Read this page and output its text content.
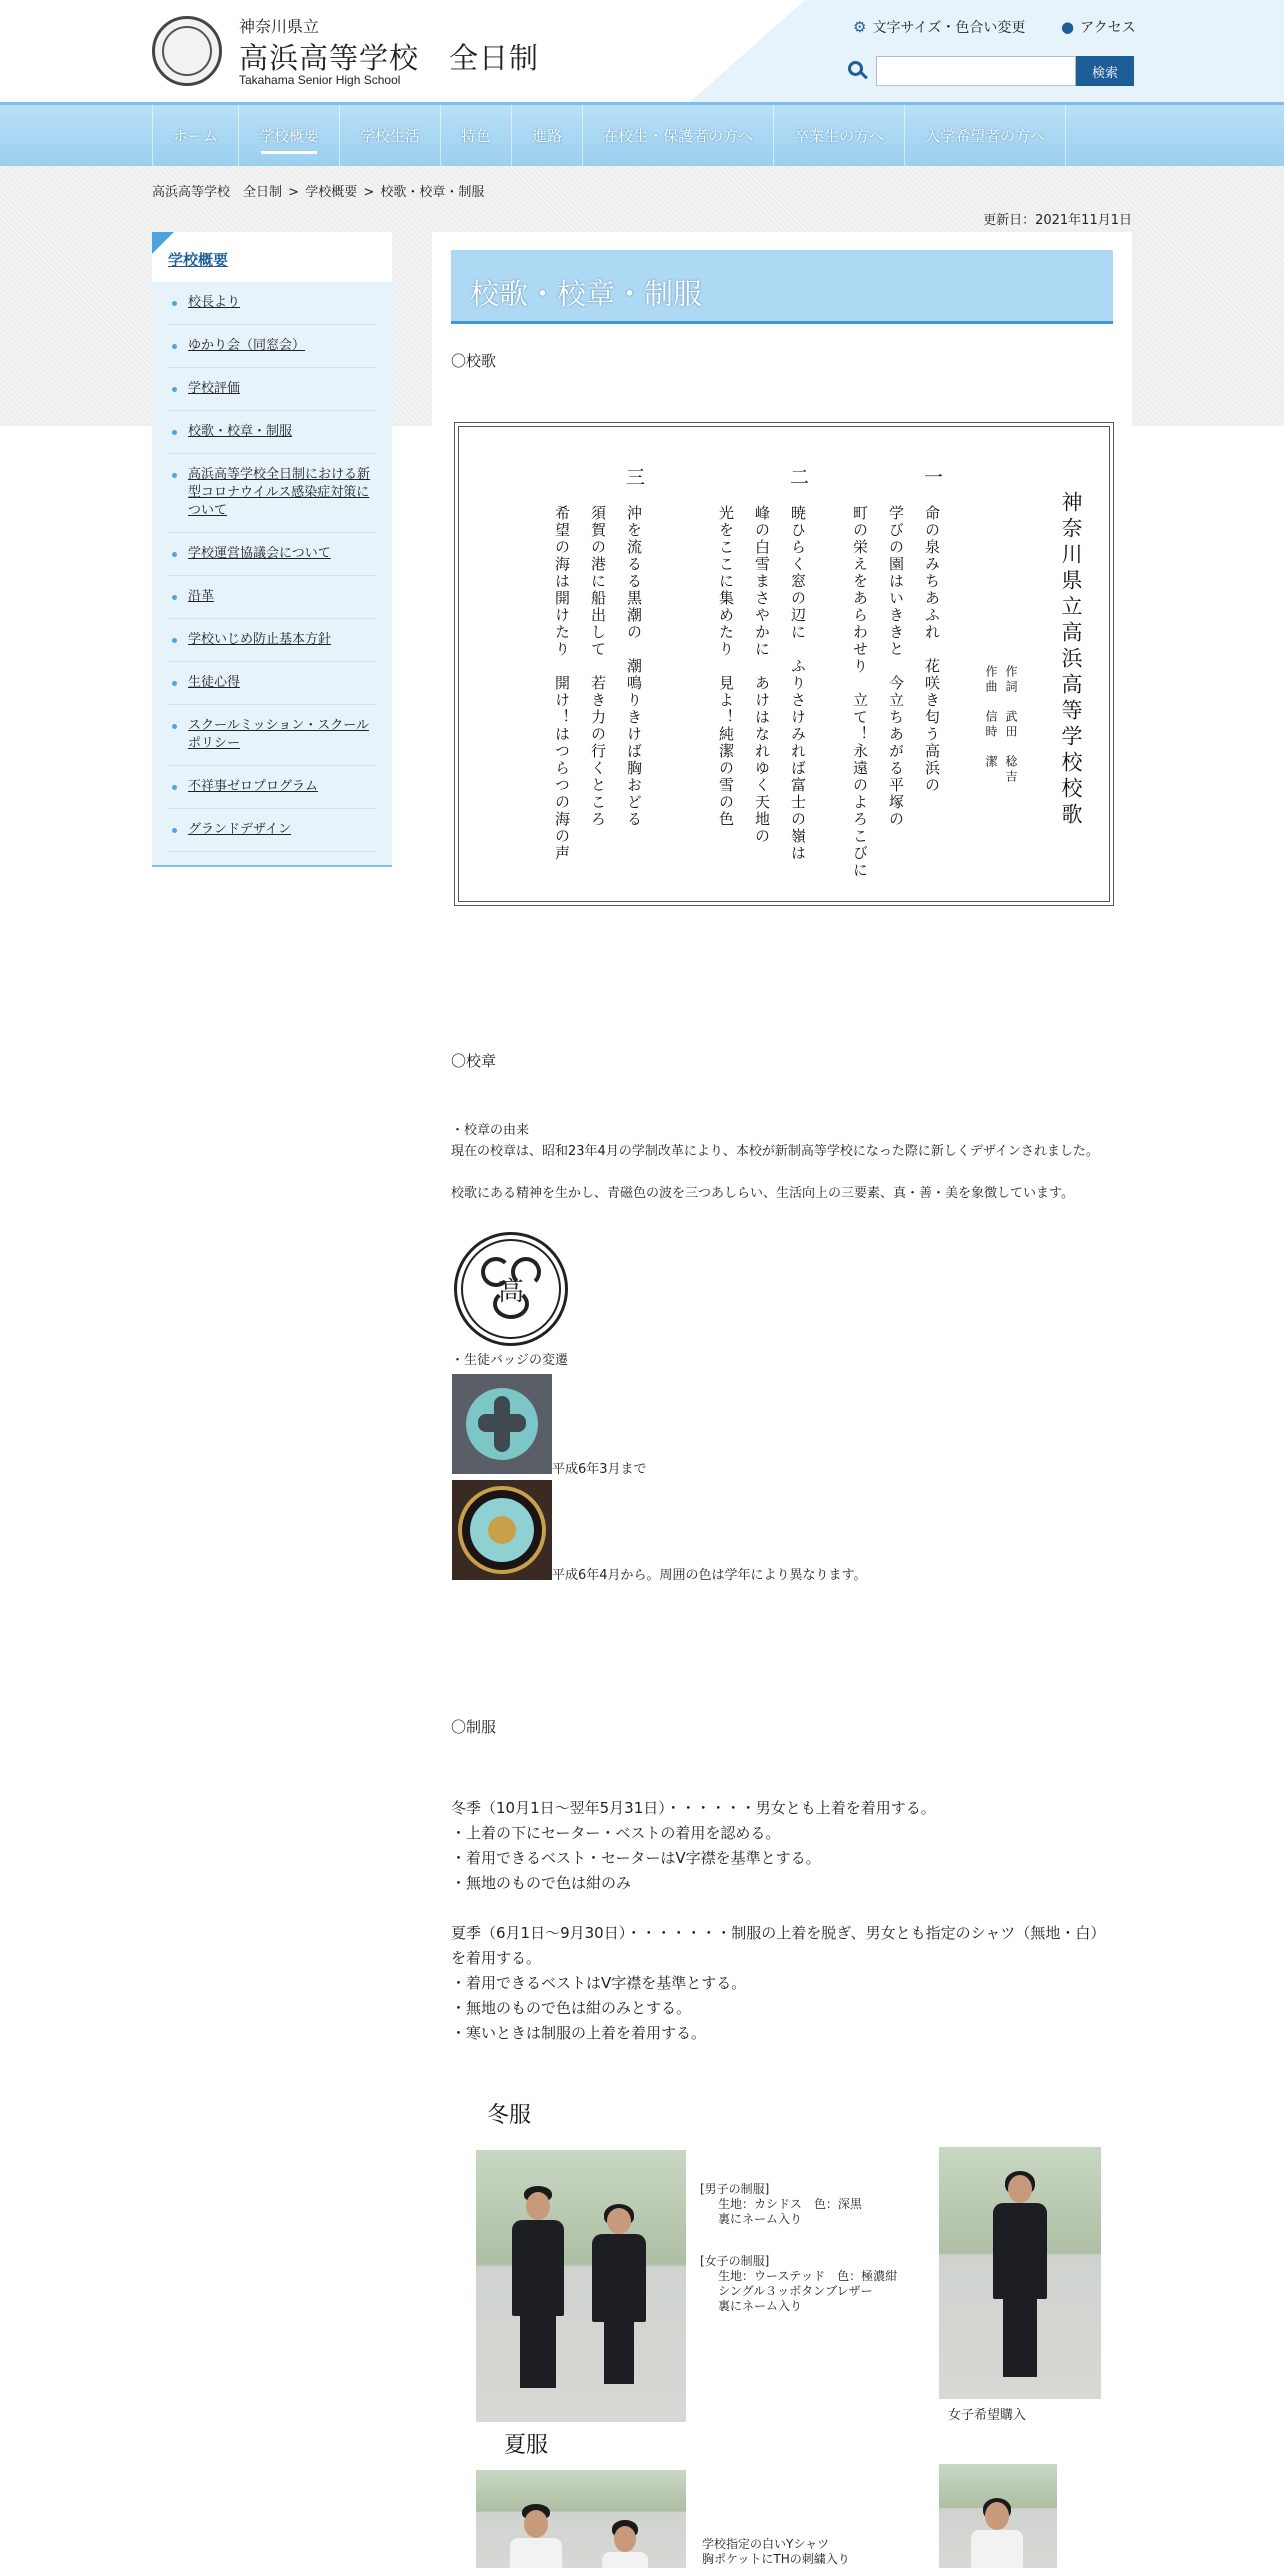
神奈川県立
高浜高等学校　全日制
Takahama Senior High School
⚙ 文字サイズ・色合い変更 ● アクセス
検索
ホーム	学校概要	学校生活	特色	進路	在校生・保護者の方へ	卒業生の方へ	入学希望者の方へ
高浜高等学校　全日制 > 学校概要 > 校歌・校章・制服
更新日：2021年11月1日
学校概要
校長より
ゆかり会（同窓会）
学校評価
校歌・校章・制服
高浜高等学校全日制における新型コロナウイルス感染症対策について
学校運営協議会について
沿革
学校いじめ防止基本方針
生徒心得
スクールミッション・スクールポリシー
不祥事ゼロプログラム
グランドデザイン
校歌・校章・制服
〇校歌
神奈川県立高浜高等学校校歌
作詞　武田　稔吉
作曲　信時　潔
一
命の泉みちあふれ　花咲き匂う高浜の
学びの園はいききと　今立ちあがる平塚の
町の栄えをあらわせり　立て！永遠のよろこびに
二
暁ひらく窓の辺に　ふりさけみれば富士の嶺は
峰の白雪まさやかに　あけはなれゆく天地の
光をここに集めたり　見よ！純潔の雪の色
三
沖を流るる黒潮の　潮鳴りきけば胸おどる
須賀の港に船出して　若き力の行くところ
希望の海は開けたり　開け！はつらつの海の声
〇校章
・校章の由来
現在の校章は、昭和23年4月の学制改革により、本校が新制高等学校になった際に新しくデザインされました。
校歌にある精神を生かし、青磁色の波を三つあしらい、生活向上の三要素、真・善・美を象徴しています。
高
・生徒バッジの変遷
平成6年3月まで
平成6年4月から。周囲の色は学年により異なります。
〇制服
冬季（10月1日～翌年5月31日）・・・・・・男女とも上着を着用する。
・上着の下にセーター・ベストの着用を認める。
・着用できるベスト・セーターはV字襟を基準とする。
・無地のもので色は紺のみ
夏季（6月1日～9月30日）・・・・・・・制服の上着を脱ぎ、男女とも指定のシャツ（無地・白）を着用する。
・着用できるベストはV字襟を基準とする。
・無地のもので色は紺のみとする。
・寒いときは制服の上着を着用する。
冬服
[男子の制服]
生地：カシドス　色：深黒
裏にネーム入り
[女子の制服]
生地：ウーステッド　色：極濃紺
シングル３ッボタンブレザー
裏にネーム入り
女子希望購入
夏服
学校指定の白いYシャツ
胸ポケットにTHの刺繍入り
